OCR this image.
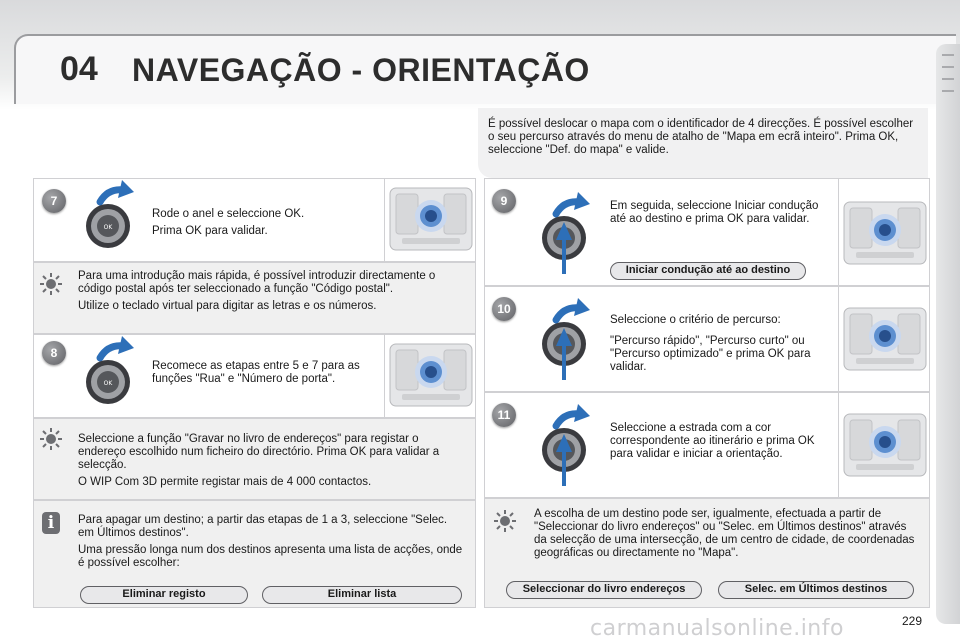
04 NAVEGAÇÃO - ORIENTAÇÃO
É possível deslocar o mapa com o identificador de 4 direcções. É possível escolher o seu percurso através do menu de atalho de "Mapa em ecrã inteiro". Prima OK, seleccione "Def. do mapa" e valide.
7
OK

Rode o anel e seleccione OK.

Prima OK para validar.

Para uma introdução mais rápida, é possível introduzir directamente o código postal após ter seleccionado a função "Código postal".

Utilize o teclado virtual para digitar as letras e os números.

8
OK

Recomece as etapas entre 5 e 7 para as funções "Rua" e "Número de porta".

Seleccione a função "Gravar no livro de endereços" para registar o endereço escolhido num ficheiro do directório. Prima OK para validar a selecção.

O WIP Com 3D permite registar mais de 4 000 contactos.

i	Para apagar um destino; a partir das etapas de 1 a 3, seleccione "Selec. em Últimos destinos".

Uma pressão longa num dos destinos apresenta uma lista de acções, onde é possível escolher:

Eliminar registo	Eliminar lista
9	Em seguida, seleccione Iniciar condução até ao destino e prima OK para validar.

Iniciar condução até ao destino
10

Seleccione o critério de percurso:

"Percurso rápido", "Percurso curto" ou "Percurso optimizado" e prima OK para validar.

11

Seleccione a estrada com a cor correspondente ao itinerário e prima OK para validar e iniciar a orientação.

A escolha de um destino pode ser, igualmente, efectuada a partir de "Seleccionar do livro endereços" ou "Selec. em Últimos destinos" através da selecção de uma intersecção, de um centro de cidade, de coordenadas geográficas ou directamente no "Mapa".

Seleccionar do livro endereços	Selec. em Últimos destinos
carmanualsonline.info	229
